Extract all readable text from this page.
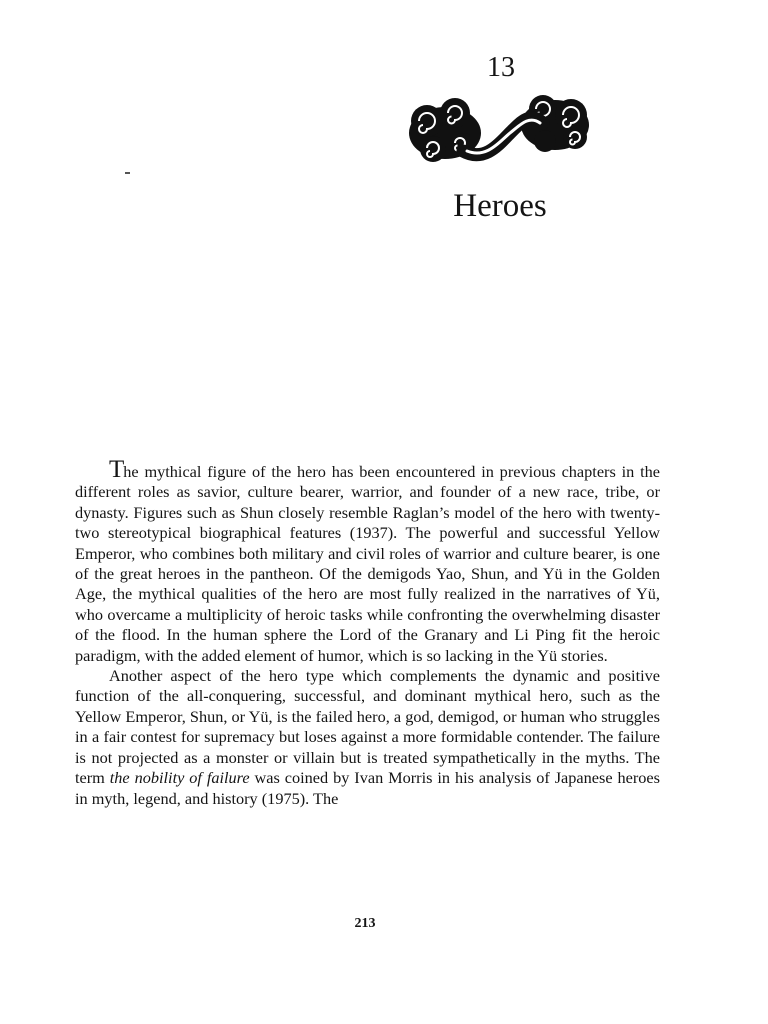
13
Heroes

The mythical figure of the hero has been encountered in previous chapters in the different roles as savior, culture bearer, warrior, and founder of a new race, tribe, or dynasty. Figures such as Shun closely resemble Raglan’s model of the hero with twenty-two stereotypical biographical features (1937). The powerful and successful Yellow Emperor, who combines both military and civil roles of warrior and culture bearer, is one of the great heroes in the pantheon. Of the demigods Yao, Shun, and Yü in the Golden Age, the mythical qualities of the hero are most fully realized in the narratives of Yü, who overcame a multiplicity of heroic tasks while confronting the overwhelming disaster of the flood. In the human sphere the Lord of the Granary and Li Ping fit the heroic paradigm, with the added element of humor, which is so lacking in the Yü stories.

Another aspect of the hero type which complements the dynamic and positive function of the all-conquering, successful, and dominant mythical hero, such as the Yellow Emperor, Shun, or Yü, is the failed hero, a god, demigod, or human who struggles in a fair contest for supremacy but loses against a more formidable contender. The failure is not projected as a monster or villain but is treated sympathetically in the myths. The term the nobility of failure was coined by Ivan Morris in his analysis of Japanese heroes in myth, legend, and history (1975). The

213
